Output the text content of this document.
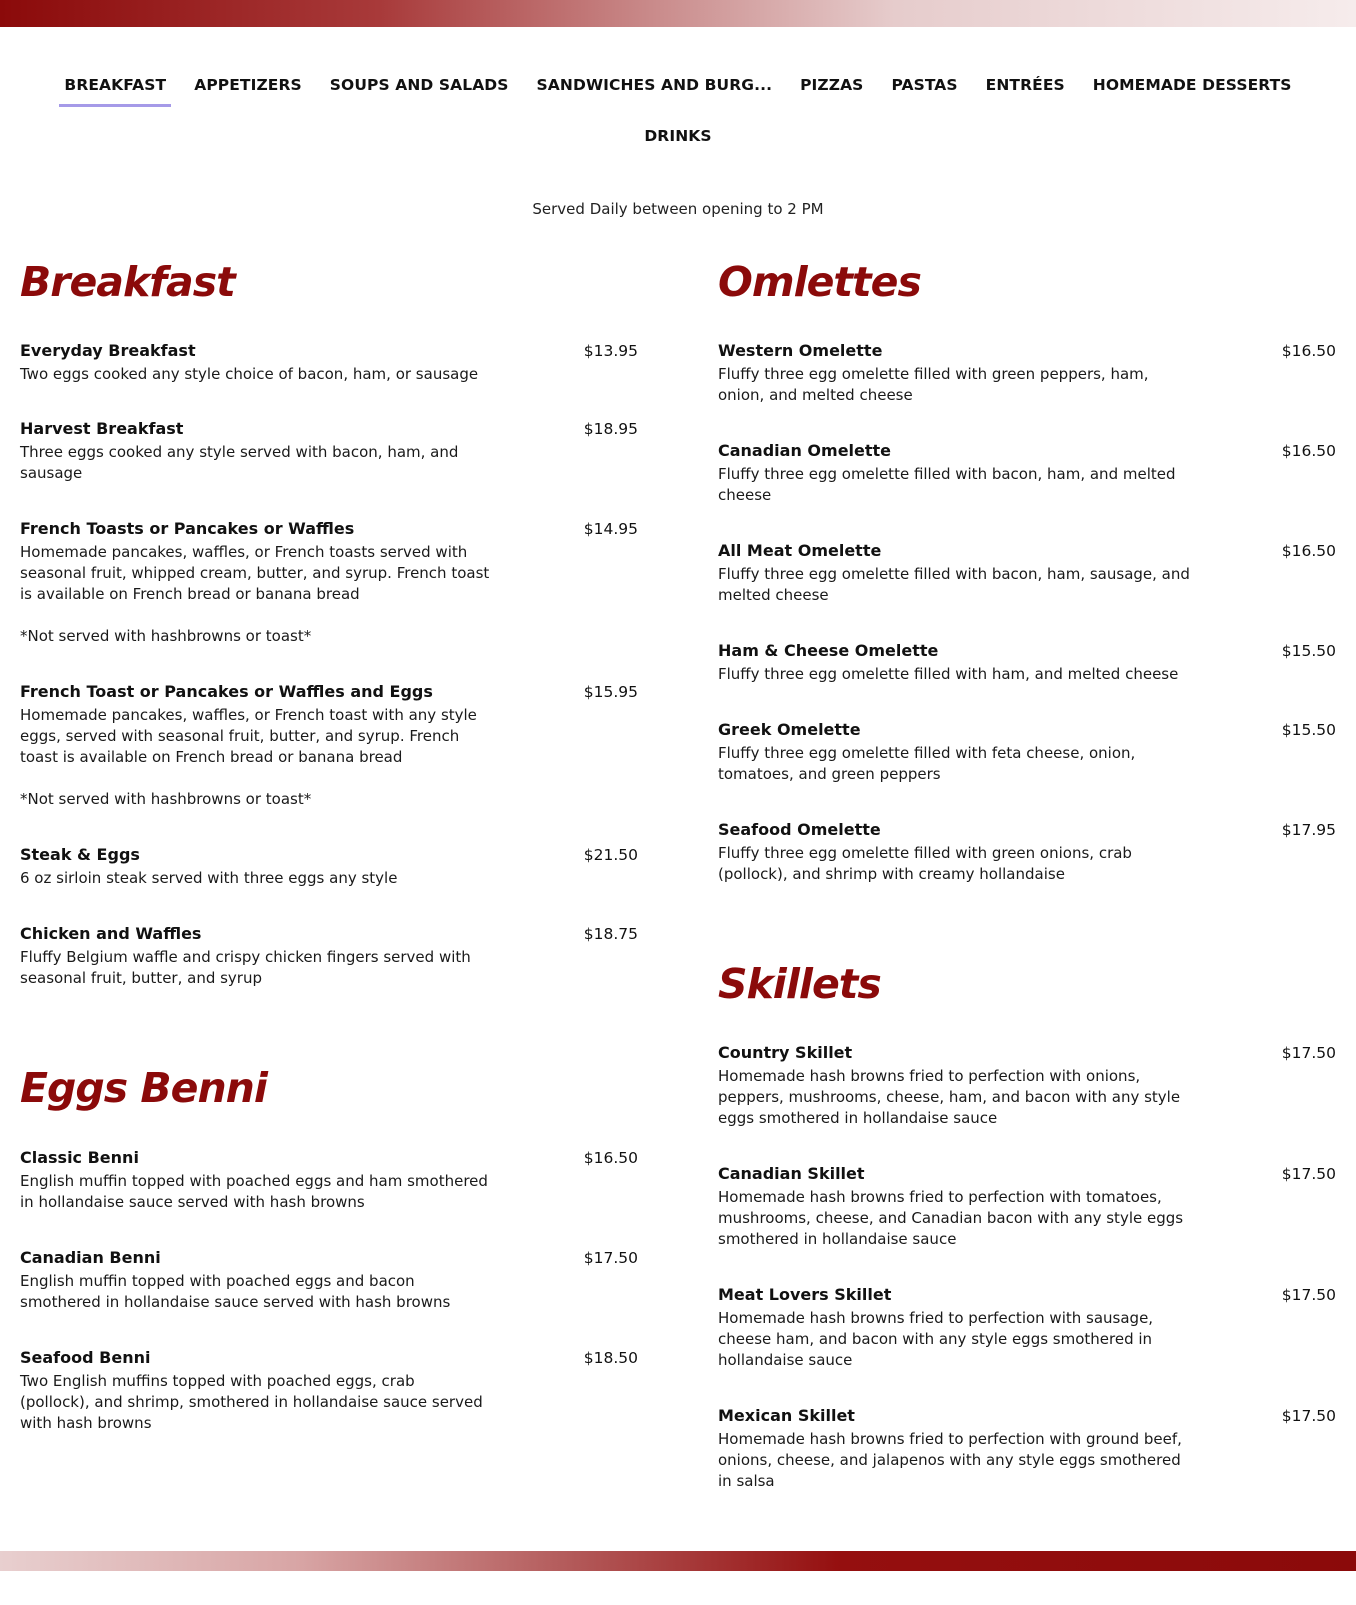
BREAKFAST	APPETIZERS	SOUPS AND SALADS	SANDWICHES AND BURG...	PIZZAS	PASTAS	ENTRÉES	HOMEMADE DESSERTS
DRINKS
Served Daily between opening to 2 PM
Breakfast
Everyday Breakfast	$13.95
Two eggs cooked any style choice of bacon, ham, or sausage
Harvest Breakfast	$18.95
Three eggs cooked any style served with bacon, ham, and
sausage
French Toasts or Pancakes or Waffles	$14.95
Homemade pancakes, waffles, or French toasts served with
seasonal fruit, whipped cream, butter, and syrup. French toast
is available on French bread or banana bread
*Not served with hashbrowns or toast*
French Toast or Pancakes or Waffles and Eggs	$15.95
Homemade pancakes, waffles, or French toast with any style
eggs, served with seasonal fruit, butter, and syrup. French
toast is available on French bread or banana bread
*Not served with hashbrowns or toast*
Steak & Eggs	$21.50
6 oz sirloin steak served with three eggs any style
Chicken and Waffles	$18.75
Fluffy Belgium waffle and crispy chicken fingers served with
seasonal fruit, butter, and syrup
Eggs Benni
Classic Benni	$16.50
English muffin topped with poached eggs and ham smothered
in hollandaise sauce served with hash browns
Canadian Benni	$17.50
English muffin topped with poached eggs and bacon
smothered in hollandaise sauce served with hash browns
Seafood Benni	$18.50
Two English muffins topped with poached eggs, crab
(pollock), and shrimp, smothered in hollandaise sauce served
with hash browns
Omlettes
Western Omelette	$16.50
Fluffy three egg omelette filled with green peppers, ham,
onion, and melted cheese
Canadian Omelette	$16.50
Fluffy three egg omelette filled with bacon, ham, and melted
cheese
All Meat Omelette	$16.50
Fluffy three egg omelette filled with bacon, ham, sausage, and
melted cheese
Ham & Cheese Omelette	$15.50
Fluffy three egg omelette filled with ham, and melted cheese
Greek Omelette	$15.50
Fluffy three egg omelette filled with feta cheese, onion,
tomatoes, and green peppers
Seafood Omelette	$17.95
Fluffy three egg omelette filled with green onions, crab
(pollock), and shrimp with creamy hollandaise
Skillets
Country Skillet	$17.50
Homemade hash browns fried to perfection with onions,
peppers, mushrooms, cheese, ham, and bacon with any style
eggs smothered in hollandaise sauce
Canadian Skillet	$17.50
Homemade hash browns fried to perfection with tomatoes,
mushrooms, cheese, and Canadian bacon with any style eggs
smothered in hollandaise sauce
Meat Lovers Skillet	$17.50
Homemade hash browns fried to perfection with sausage,
cheese ham, and bacon with any style eggs smothered in
hollandaise sauce
Mexican Skillet	$17.50
Homemade hash browns fried to perfection with ground beef,
onions, cheese, and jalapenos with any style eggs smothered
in salsa
